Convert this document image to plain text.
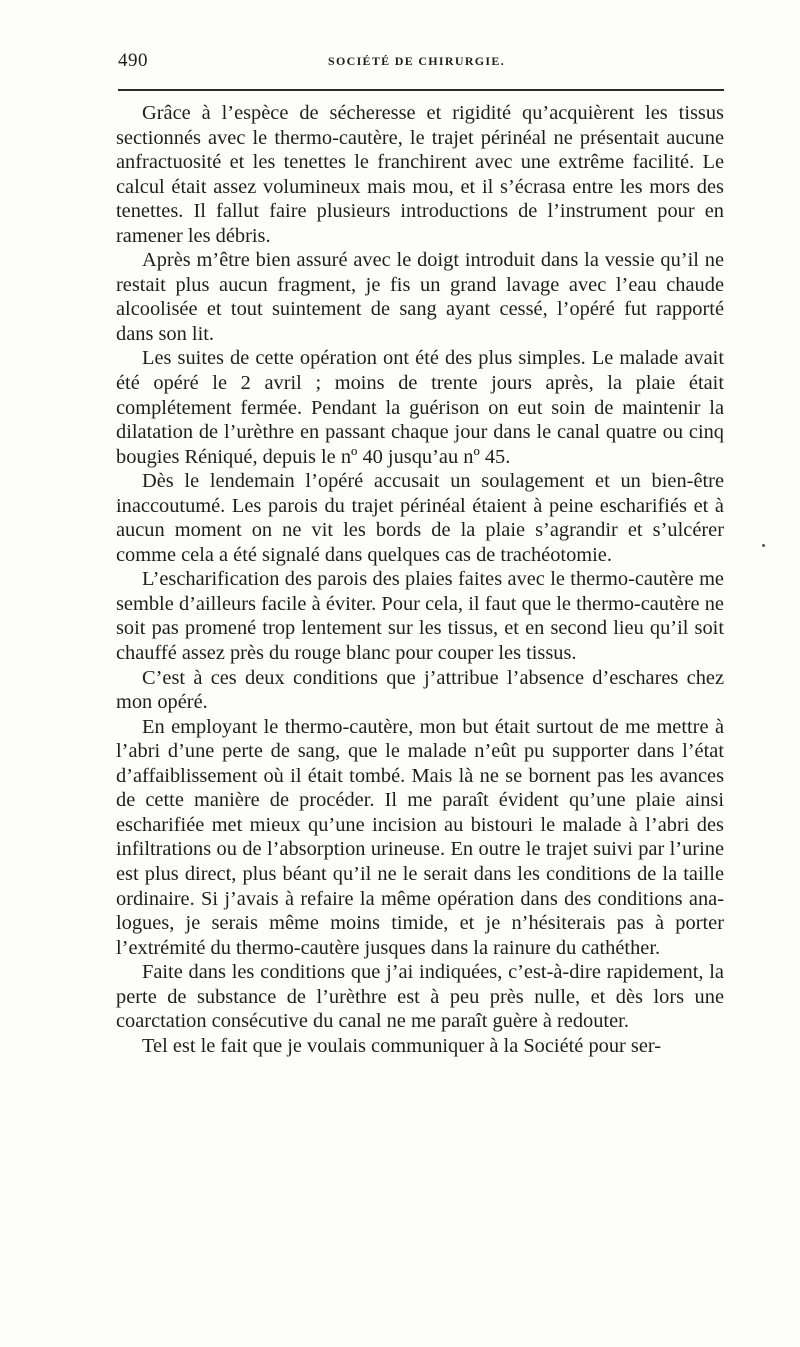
490	SOCIÉTÉ DE CHIRURGIE.

Grâce à l’espèce de sécheresse et rigidité qu’acquièrent les tissus sectionnés avec le thermo-cautère, le trajet périnéal ne présentait aucune anfractuosité et les tenettes le franchirent avec une extrême facilité. Le calcul était assez volumineux mais mou, et il s’écrasa entre les mors des tenettes. Il fallut faire plusieurs introductions de l’instrument pour en ramener les débris.

Après m’être bien assuré avec le doigt introduit dans la vessie qu’il ne restait plus aucun fragment, je fis un grand lavage avec l’eau chaude alcoolisée et tout suintement de sang ayant cessé, l’opéré fut rapporté dans son lit.

Les suites de cette opération ont été des plus simples. Le malade avait été opéré le 2 avril ; moins de trente jours après, la plaie était complétement fermée. Pendant la guérison on eut soin de maintenir la dilatation de l’urèthre en passant chaque jour dans le canal quatre ou cinq bougies Réniqué, depuis le nº 40 jusqu’au nº 45.

Dès le lendemain l’opéré accusait un soulagement et un bien-être inaccoutumé. Les parois du trajet périnéal étaient à peine escharifiés et à aucun moment on ne vit les bords de la plaie s’agrandir et s’ulcérer comme cela a été signalé dans quelques cas de trachéotomie.

L’escharification des parois des plaies faites avec le thermo-cautère me semble d’ailleurs facile à éviter. Pour cela, il faut que le thermo-cautère ne soit pas promené trop lentement sur les tissus, et en second lieu qu’il soit chauffé assez près du rouge blanc pour couper les tissus.

C’est à ces deux conditions que j’attribue l’absence d’eschares chez mon opéré.

En employant le thermo-cautère, mon but était surtout de me mettre à l’abri d’une perte de sang, que le malade n’eût pu supporter dans l’état d’affaiblissement où il était tombé. Mais là ne se bornent pas les avances de cette manière de procéder. Il me paraît évident qu’une plaie ainsi escharifiée met mieux qu’une incision au bistouri le malade à l’abri des infiltrations ou de l’absorption urineuse. En outre le trajet suivi par l’urine est plus direct, plus béant qu’il ne le serait dans les conditions de la taille ordinaire. Si j’avais à refaire la même opération dans des conditions analogues, je serais même moins timide, et je n’hésiterais pas à porter l’extrémité du thermo-cautère jusques dans la rainure du cathéther.

Faite dans les conditions que j’ai indiquées, c’est-à-dire rapidement, la perte de substance de l’urèthre est à peu près nulle, et dès lors une coarctation consécutive du canal ne me paraît guère à redouter.

Tel est le fait que je voulais communiquer à la Société pour ser-
